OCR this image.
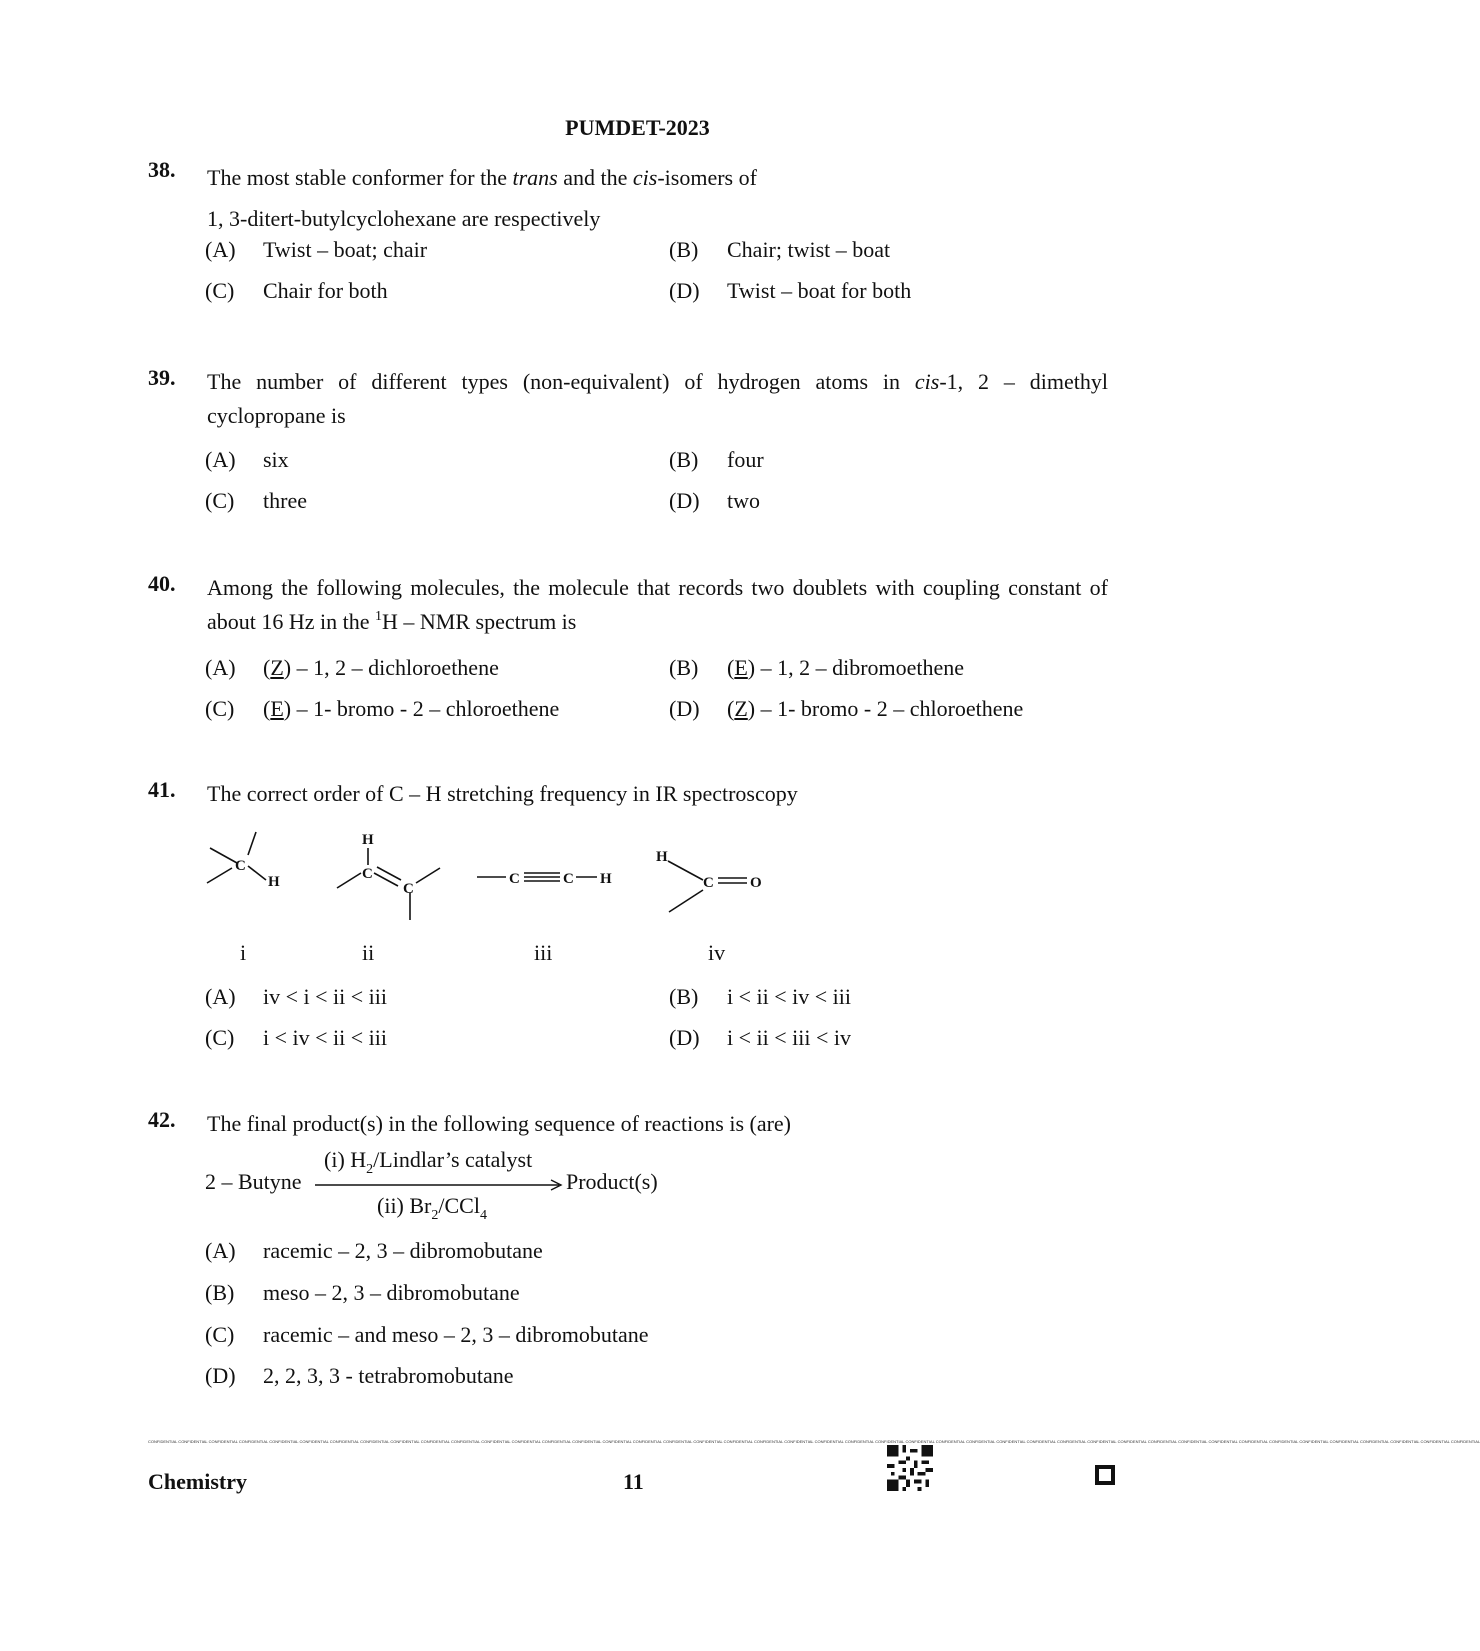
PUMDET-2023
38.	The most stable conformer for the trans and the cis-isomers of
1, 3-ditert-butylcyclohexane are respectively
(A) Twist – boat; chair	(B) Chair; twist – boat
(C) Chair for both	(D) Twist – boat for both
39.	The number of different types (non-equivalent) of hydrogen atoms in cis-1, 2 – dimethyl cyclopropane is
(A) six	(B) four
(C) three	(D) two
40.	Among the following molecules, the molecule that records two doublets with coupling constant of about 16 Hz in the $^1$H – NMR spectrum is
(A) (Z) – 1, 2 – dichloroethene	(B) (E) – 1, 2 – dibromoethene
(C) (E) – 1- bromo - 2 – chloroethene	(D) (Z) – 1- bromo - 2 – chloroethene
41.	The correct order of C – H stretching frequency in IR spectroscopy
C
H
H
C
C
C	C H
H
C O
i	ii	iii	iv
(A) iv < i < ii < iii	(B) i < ii < iv < iii
(C) i < iv < ii < iii	(D) i < ii < iii < iv
42.	The final product(s) in the following sequence of reactions is (are)
2 – Butyne
(i) $H_2/Lindlar’s$ catalyst
(ii) $Br_2/CCl_4$
Product(s)
(A) racemic – 2, 3 – dibromobutane
(B) meso – 2, 3 – dibromobutane
(C) racemic – and meso – 2, 3 – dibromobutane
(D) 2, 2, 3, 3 - tetrabromobutane
CONFIDENTIAL CONFIDENTIAL CONFIDENTIAL CONFIDENTIAL CONFIDENTIAL CONFIDENTIAL CONFIDENTIAL CONFIDENTIAL CONFIDENTIAL CONFIDENTIAL CONFIDENTIAL CONFIDENTIAL CONFIDENTIAL CONFIDENTIAL CONFIDENTIAL CONFIDENTIAL CONFIDENTIAL CONFIDENTIAL CONFIDENTIAL CONFIDENTIAL CONFIDENTIAL CONFIDENTIAL CONFIDENTIAL CONFIDENTIAL CONFIDENTIAL CONFIDENTIAL CONFIDENTIAL CONFIDENTIAL CONFIDENTIAL CONFIDENTIAL CONFIDENTIAL CONFIDENTIAL CONFIDENTIAL CONFIDENTIAL CONFIDENTIAL CONFIDENTIAL CONFIDENTIAL CONFIDENTIAL CONFIDENTIAL CONFIDENTIAL CONFIDENTIAL CONFIDENTIAL CONFIDENTIAL CONFIDENTIAL
Chemistry	11
